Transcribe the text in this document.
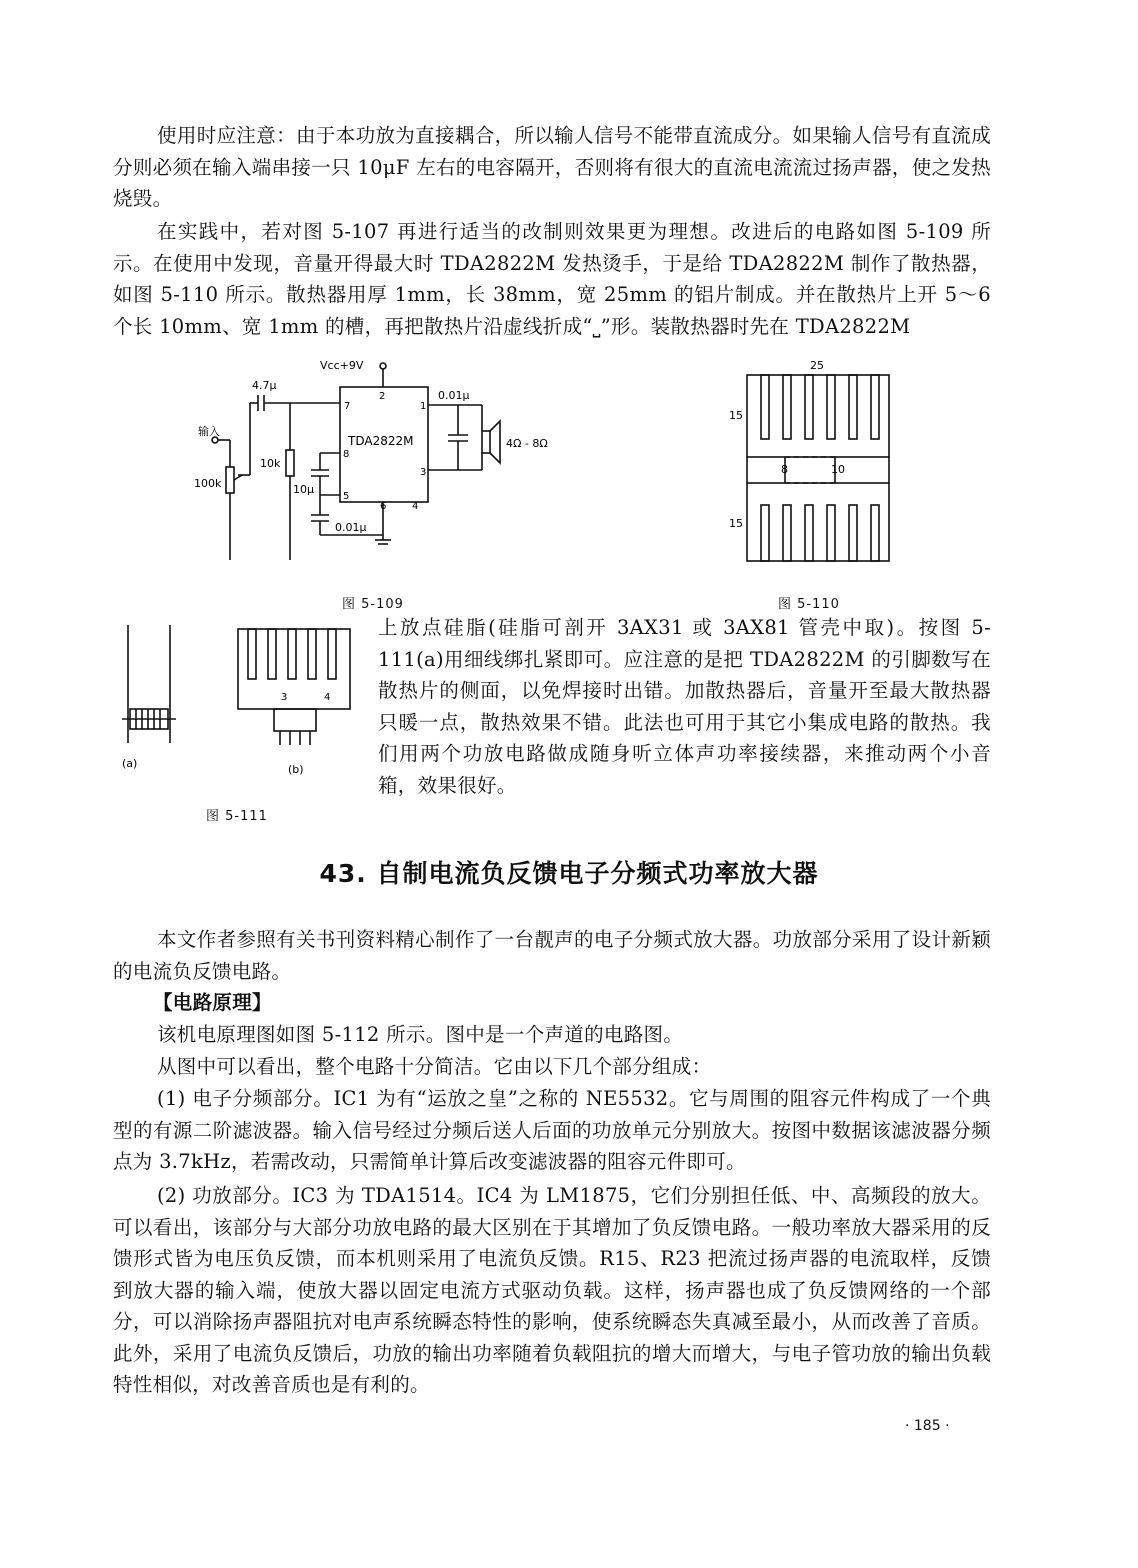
使用时应注意：由于本功放为直接耦合，所以输人信号不能带直流成分。如果输人信号有直流成分则必须在输入端串接一只 10μF 左右的电容隔开，否则将有很大的直流电流流过扬声器，使之发热烧毁。

在实践中，若对图 5-107 再进行适当的改制则效果更为理想。改进后的电路如图 5-109 所示。在使用中发现，音量开得最大时 TDA2822M 发热烫手，于是给 TDA2822M 制作了散热器，如图 5-110 所示。散热器用厚 1mm，长 38mm，宽 25mm 的铝片制成。并在散热片上开 5～6 个长 10mm、宽 1mm 的槽，再把散热片沿虚线折成“⎵”形。装散热器时先在 TDA2822M

Vcc+9V
TDA2822M
输入
100k
4.7μ
10k
10μ
0.01μ
0.01μ
4Ω - 8Ω
2
7
8
5
6	4
1
3
图 5-109
25
15
15
8	10
图 5-110
3	4
(a)	(b)
图 5-111

上放点硅脂(硅脂可剖开 3AX31 或 3AX81 管壳中取)。按图 5-111(a)用细线绑扎紧即可。应注意的是把 TDA2822M 的引脚数写在散热片的侧面，以免焊接时出错。加散热器后，音量开至最大散热器只暖一点，散热效果不错。此法也可用于其它小集成电路的散热。我们用两个功放电路做成随身听立体声功率接续器，来推动两个小音箱，效果很好。

43. 自制电流负反馈电子分频式功率放大器

本文作者参照有关书刊资料精心制作了一台靓声的电子分频式放大器。功放部分采用了设计新颖的电流负反馈电路。

【电路原理】

该机电原理图如图 5-112 所示。图中是一个声道的电路图。

从图中可以看出，整个电路十分简洁。它由以下几个部分组成：

(1) 电子分频部分。IC1 为有“运放之皇”之称的 NE5532。它与周围的阻容元件构成了一个典型的有源二阶滤波器。输入信号经过分频后送人后面的功放单元分别放大。按图中数据该滤波器分频点为 3.7kHz，若需改动，只需简单计算后改变滤波器的阻容元件即可。

(2) 功放部分。IC3 为 TDA1514。IC4 为 LM1875，它们分别担任低、中、高频段的放大。可以看出，该部分与大部分功放电路的最大区别在于其增加了负反馈电路。一般功率放大器采用的反馈形式皆为电压负反馈，而本机则采用了电流负反馈。R15、R23 把流过扬声器的电流取样，反馈到放大器的输入端，使放大器以固定电流方式驱动负载。这样，扬声器也成了负反馈网络的一个部分，可以消除扬声器阻抗对电声系统瞬态特性的影响，使系统瞬态失真减至最小，从而改善了音质。此外，采用了电流负反馈后，功放的输出功率随着负载阻抗的增大而增大，与电子管功放的输出负载特性相似，对改善音质也是有利的。

· 185 ·
